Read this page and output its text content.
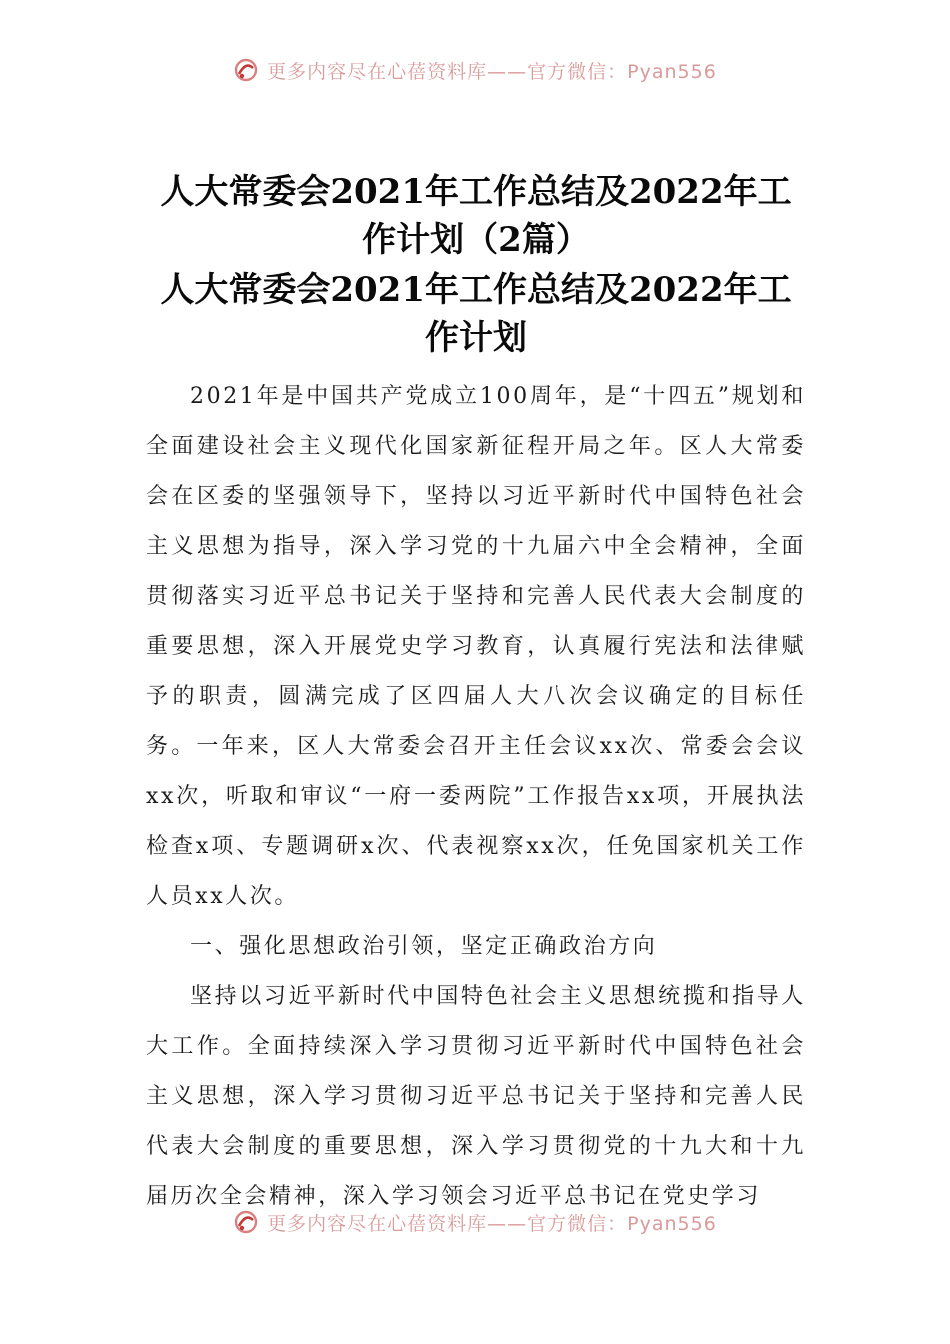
更多内容尽在心蓓资料库——官方微信：Pyan556
人大常委会2021年工作总结及2022年工作计划（2篇）
人大常委会2021年工作总结及2022年工作计划

2021年是中国共产党成立100周年，是“十四五”规划和全面建设社会主义现代化国家新征程开局之年。区人大常委会在区委的坚强领导下，坚持以习近平新时代中国特色社会主义思想为指导，深入学习党的十九届六中全会精神，全面贯彻落实习近平总书记关于坚持和完善人民代表大会制度的重要思想，深入开展党史学习教育，认真履行宪法和法律赋予的职责，圆满完成了区四届人大八次会议确定的目标任务。一年来，区人大常委会召开主任会议xx次、常委会会议xx次，听取和审议“一府一委两院”工作报告xx项，开展执法检查x项、专题调研x次、代表视察xx次，任免国家机关工作人员xx人次。

一、强化思想政治引领，坚定正确政治方向

坚持以习近平新时代中国特色社会主义思想统揽和指导人大工作。全面持续深入学习贯彻习近平新时代中国特色社会主义思想，深入学习贯彻习近平总书记关于坚持和完善人民代表大会制度的重要思想，深入学习贯彻党的十九大和十九届历次全会精神，深入学习领会习近平总书记在党史学习

更多内容尽在心蓓资料库——官方微信：Pyan556
